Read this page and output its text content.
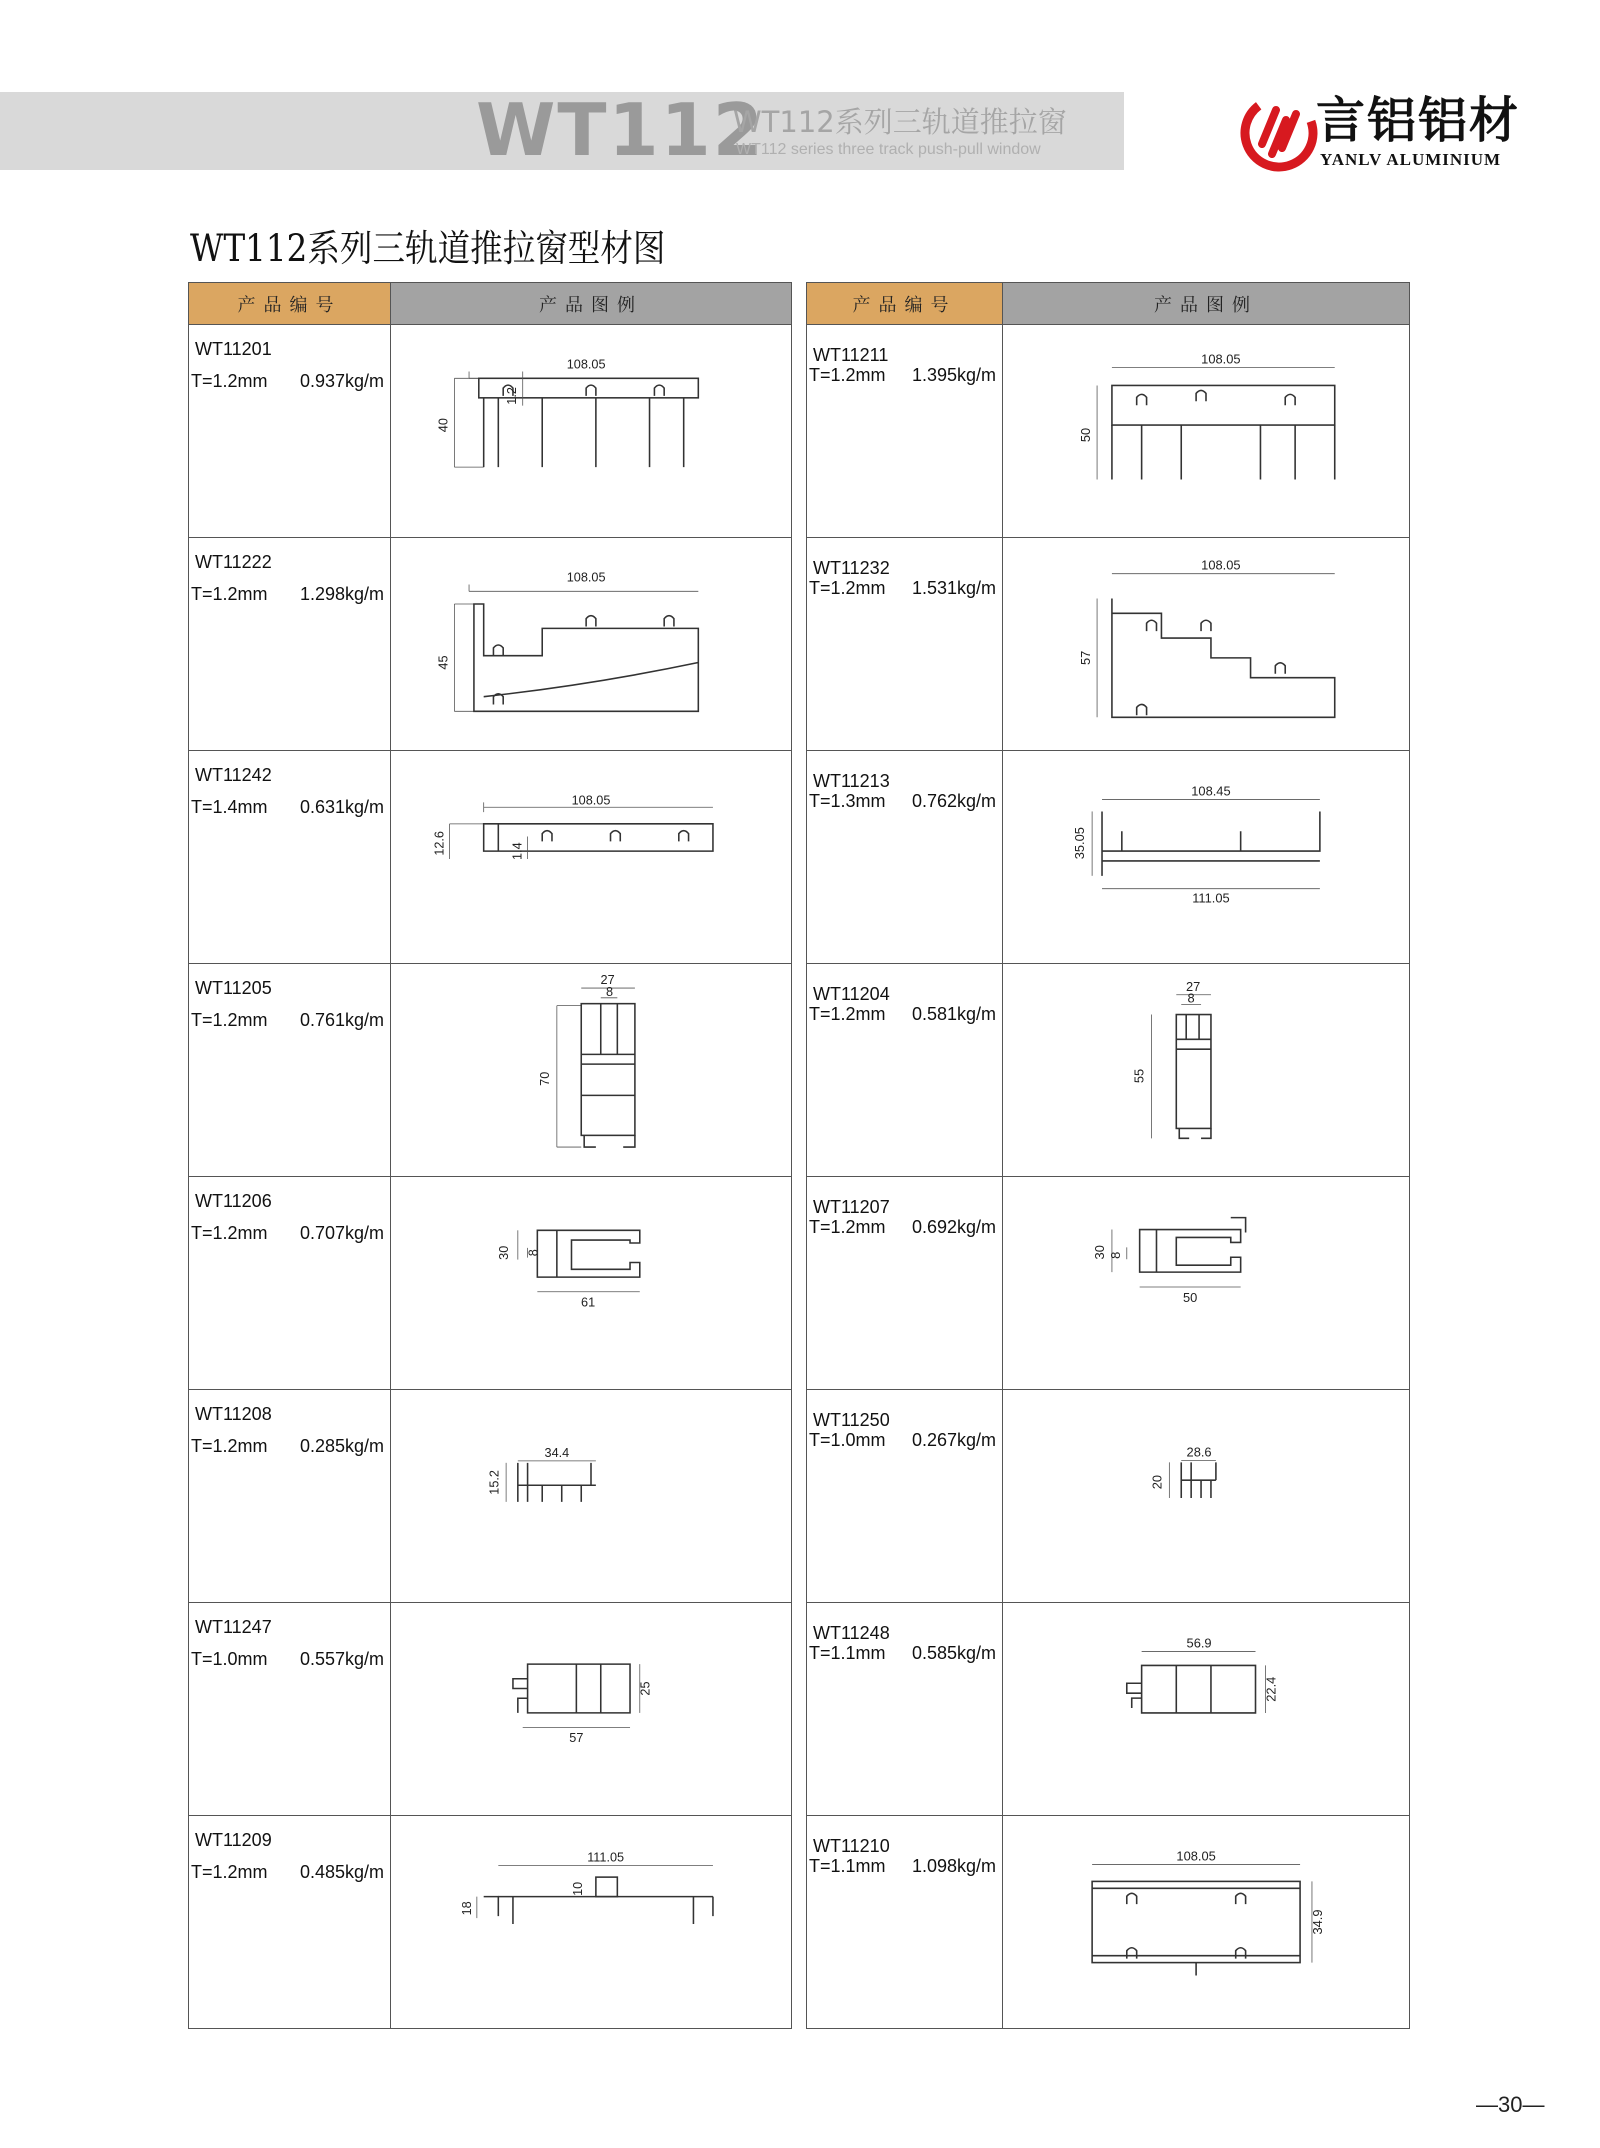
WT112
WT112系列三轨道推拉窗
WT112 series three track push-pull window
言铝铝材
YANLV ALUMINIUM
WT112系列三轨道推拉窗型材图
产品编号	产品图例

WT11201
T=1.2mm 0.937kg/m	108.05
40
1.2

WT11222
T=1.2mm 1.298kg/m	108.05
45

WT11242
T=1.4mm 0.631kg/m	108.05
12.6 1.4

WT11205
T=1.2mm 0.761kg/m	27
8
70

WT11206
T=1.2mm 0.707kg/m	30 8
61

WT11208
T=1.2mm 0.285kg/m	34.4
15.2

WT11247
T=1.0mm 0.557kg/m	25
57

WT11209
T=1.2mm 0.485kg/m	111.05
10
18
产品编号	产品图例

WT11211
T=1.2mm 1.395kg/m	108.05
50

WT11232
T=1.2mm 1.531kg/m	108.05
57

WT11213
T=1.3mm 0.762kg/m	108.45
35.05
111.05

WT11204
T=1.2mm 0.581kg/m	27
8
55

WT11207
T=1.2mm 0.692kg/m	30 8
50

WT11250
T=1.0mm 0.267kg/m	28.6
20

WT11248
T=1.1mm 0.585kg/m	56.9
22.4

WT11210
T=1.1mm 1.098kg/m	108.05
34.9
—30—
